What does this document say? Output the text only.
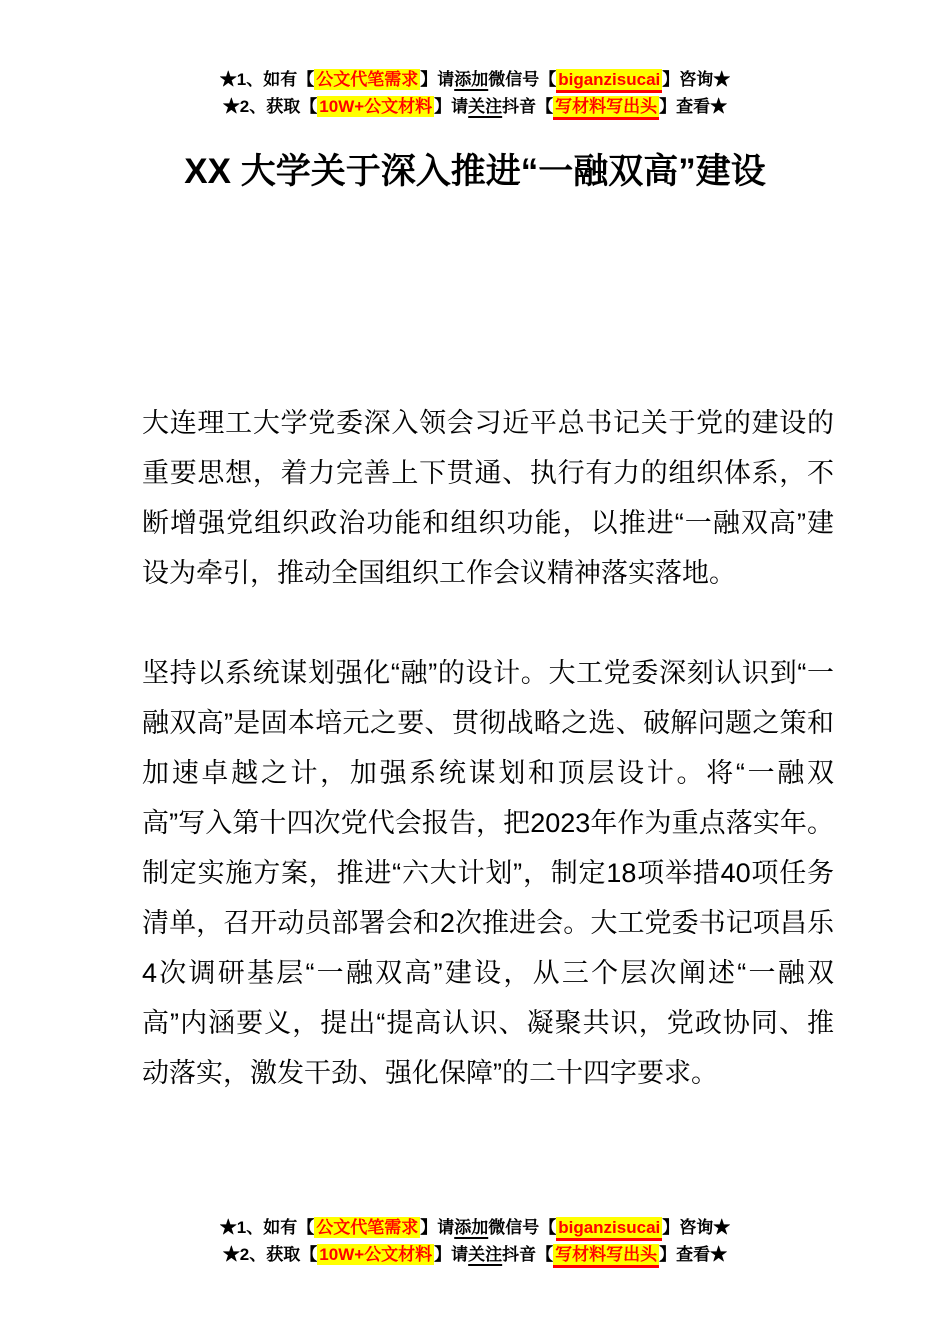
★1、如有【 公文代笔需求 】请添加微信号【 biganzisucai 】咨询★
★2、获取【 10W+公文材料 】请关注抖音【 写材料写出头 】查看★
XX 大学关于深入推进“一融双高”建设

大连理工大学党委深入领会习近平总书记关于党的建设的重要思想，着力完善上下贯通、执行有力的组织体系，不断增强党组织政治功能和组织功能，以推进“一融双高”建设为牵引，推动全国组织工作会议精神落实落地。

坚持以系统谋划强化“融”的设计。大工党委深刻认识到“一融双高”是固本培元之要、贯彻战略之选、破解问题之策和加速卓越之计，加强系统谋划和顶层设计。将“一融双高”写入第十四次党代会报告，把2023年作为重点落实年。制定实施方案，推进“六大计划”，制定18项举措40项任务清单，召开动员部署会和2次推进会。大工党委书记项昌乐4次调研基层“一融双高”建设，从三个层次阐述“一融双高”内涵要义，提出“提高认识、凝聚共识，党政协同、推动落实，激发干劲、强化保障”的二十四字要求。

★1、如有【 公文代笔需求 】请添加微信号【 biganzisucai 】咨询★
★2、获取【 10W+公文材料 】请关注抖音【 写材料写出头 】查看★
